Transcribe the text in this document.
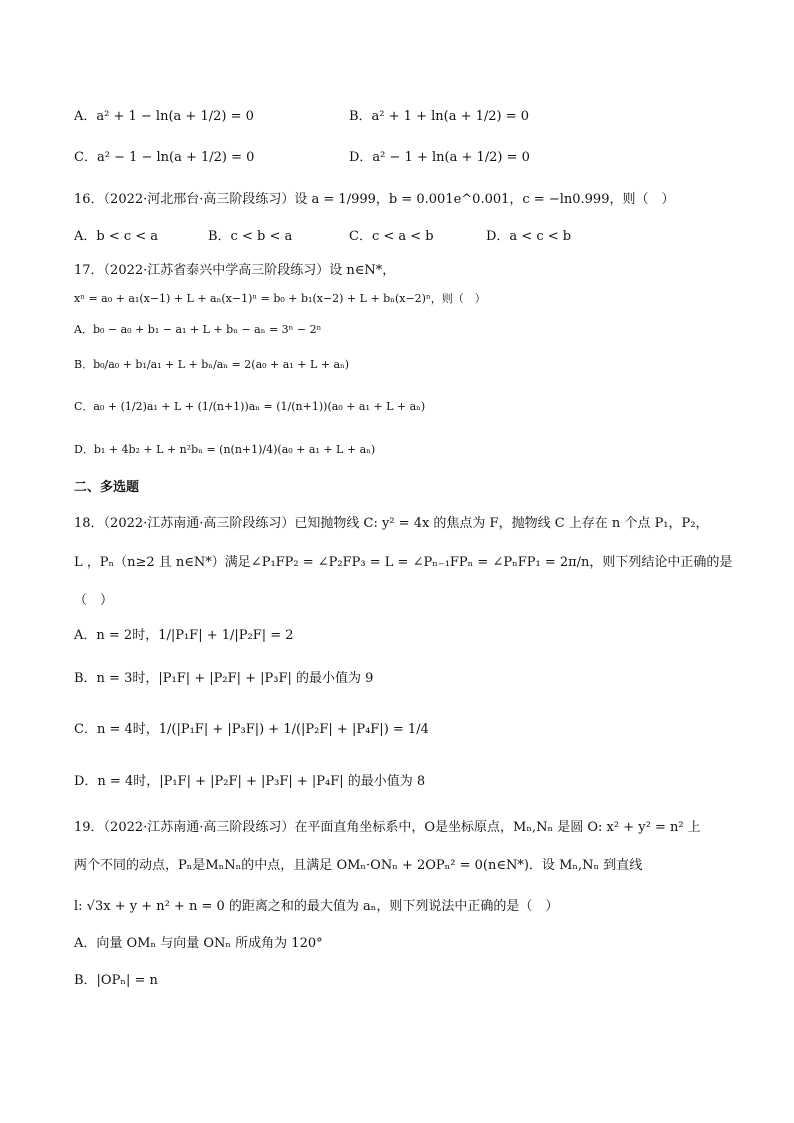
A．a² + 1 − ln(a + 1/2) = 0	B．a² + 1 + ln(a + 1/2) = 0
C．a² − 1 − ln(a + 1/2) = 0	D．a² − 1 + ln(a + 1/2) = 0
16．（2022·河北邢台·高三阶段练习）设 a = 1/999，b = 0.001e^0.001，c = −ln0.999，则（　）
A．b < c < a	B．c < b < a	C．c < a < b	D．a < c < b
17．（2022·江苏省泰兴中学高三阶段练习）设 n∈N*，
xⁿ = a₀ + a₁(x−1) + L + aₙ(x−1)ⁿ = b₀ + b₁(x−2) + L + bₙ(x−2)ⁿ，则（　）
A．b₀ − a₀ + b₁ − a₁ + L + bₙ − aₙ = 3ⁿ − 2ⁿ
B．b₀/a₀ + b₁/a₁ + L + bₙ/aₙ = 2(a₀ + a₁ + L + aₙ)
C．a₀ + (1/2)a₁ + L + (1/(n+1))aₙ = (1/(n+1))(a₀ + a₁ + L + aₙ)
D．b₁ + 4b₂ + L + n²bₙ = (n(n+1)/4)(a₀ + a₁ + L + aₙ)
二、多选题
18．（2022·江苏南通·高三阶段练习）已知抛物线 C: y² = 4x 的焦点为 F，抛物线 C 上存在 n 个点 P₁，P₂，
L ，Pₙ（n≥2 且 n∈N*）满足∠P₁FP₂ = ∠P₂FP₃ = L = ∠Pₙ₋₁FPₙ = ∠PₙFP₁ = 2π/n，则下列结论中正确的是
（　）
A．n = 2时，1/|P₁F| + 1/|P₂F| = 2
B．n = 3时，|P₁F| + |P₂F| + |P₃F| 的最小值为 9
C．n = 4时，1/(|P₁F| + |P₃F|) + 1/(|P₂F| + |P₄F|) = 1/4
D．n = 4时，|P₁F| + |P₂F| + |P₃F| + |P₄F| 的最小值为 8
19．（2022·江苏南通·高三阶段练习）在平面直角坐标系中，O是坐标原点，Mₙ,Nₙ 是圆 O: x² + y² = n² 上
两个不同的动点，Pₙ是MₙNₙ的中点，且满足 OMₙ·ONₙ + 2OPₙ² = 0(n∈N*)．设 Mₙ,Nₙ 到直线
l: √3x + y + n² + n = 0 的距离之和的最大值为 aₙ，则下列说法中正确的是（　）
A．向量 OMₙ 与向量 ONₙ 所成角为 120°
B．|OPₙ| = n
